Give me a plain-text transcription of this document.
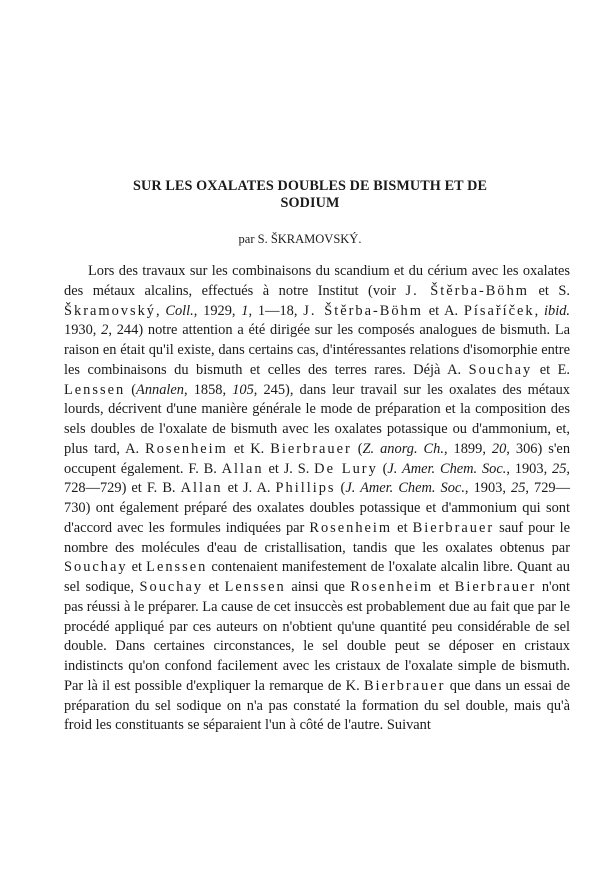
SUR LES OXALATES DOUBLES DE BISMUTH ET DE
SODIUM
par S. ŠKRAMOVSKÝ.

Lors des travaux sur les combinaisons du scandium et du cérium avec les oxalates des métaux alcalins, effectués à notre Institut (voir J. Štěrba-Böhm et S. Škramovský, Coll., 1929, 1, 1—18, J. Štěrba-Böhm et A. Písaříček, ibid. 1930, 2, 244) notre attention a été dirigée sur les composés analogues de bismuth. La raison en était qu'il existe, dans certains cas, d'intéressantes relations d'isomorphie entre les combinaisons du bismuth et celles des terres rares. Déjà A. Souchay et E. Lenssen (Annalen, 1858, 105, 245), dans leur travail sur les oxalates des métaux lourds, décrivent d'une manière générale le mode de préparation et la composition des sels doubles de l'oxalate de bismuth avec les oxalates potassique ou d'ammonium, et, plus tard, A. Rosenheim et K. Bierbrauer (Z. anorg. Ch., 1899, 20, 306) s'en occupent également. F. B. Allan et J. S. De Lury (J. Amer. Chem. Soc., 1903, 25, 728—729) et F. B. Allan et J. A. Phillips (J. Amer. Chem. Soc., 1903, 25, 729—730) ont également préparé des oxalates doubles potassique et d'ammonium qui sont d'accord avec les formules indiquées par Rosenheim et Bierbrauer sauf pour le nombre des molécules d'eau de cristallisation, tandis que les oxalates obtenus par Souchay et Lenssen contenaient manifestement de l'oxalate alcalin libre. Quant au sel sodique, Souchay et Lenssen ainsi que Rosenheim et Bierbrauer n'ont pas réussi à le préparer. La cause de cet insuccès est probablement due au fait que par le procédé appliqué par ces auteurs on n'obtient qu'une quantité peu considérable de sel double. Dans certaines circonstances, le sel double peut se déposer en cristaux indistincts qu'on confond facilement avec les cristaux de l'oxalate simple de bismuth. Par là il est possible d'expliquer la remarque de K. Bierbrauer que dans un essai de préparation du sel sodique on n'a pas constaté la formation du sel double, mais qu'à froid les constituants se séparaient l'un à côté de l'autre. Suivant
